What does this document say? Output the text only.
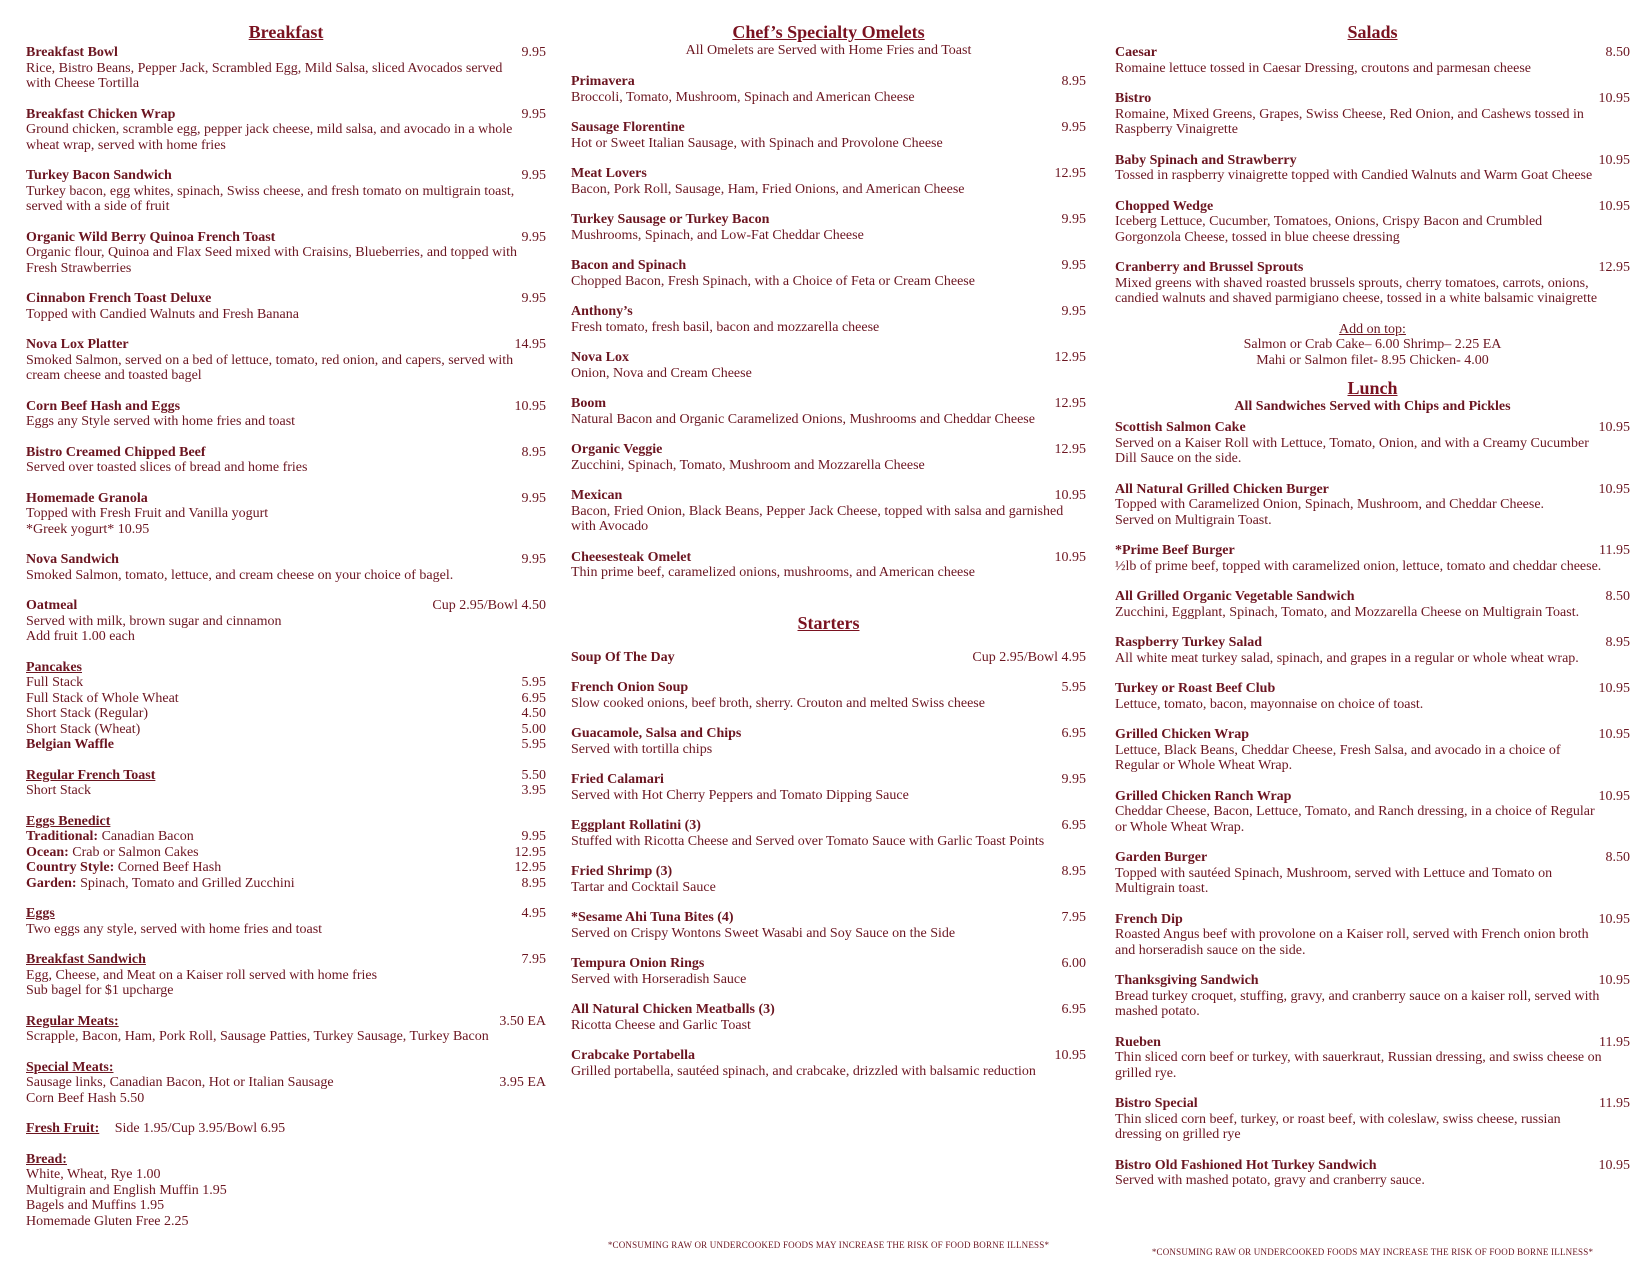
Breakfast
Breakfast Bowl	9.95
Rice, Bistro Beans, Pepper Jack, Scrambled Egg, Mild Salsa, sliced Avocados served
with Cheese Tortilla
Breakfast Chicken Wrap	9.95
Ground chicken, scramble egg, pepper jack cheese, mild salsa, and avocado in a whole
wheat wrap, served with home fries
Turkey Bacon Sandwich	9.95
Turkey bacon, egg whites, spinach, Swiss cheese, and fresh tomato on multigrain toast,
served with a side of fruit
Organic Wild Berry Quinoa French Toast	9.95
Organic flour, Quinoa and Flax Seed mixed with Craisins, Blueberries, and topped with
Fresh Strawberries
Cinnabon French Toast Deluxe	9.95
Topped with Candied Walnuts and Fresh Banana
Nova Lox Platter	14.95
Smoked Salmon, served on a bed of lettuce, tomato, red onion, and capers, served with
cream cheese and toasted bagel
Corn Beef Hash and Eggs	10.95
Eggs any Style served with home fries and toast
Bistro Creamed Chipped Beef	8.95
Served over toasted slices of bread and home fries
Homemade Granola	9.95
Topped with Fresh Fruit and Vanilla yogurt
*Greek yogurt* 10.95
Nova Sandwich	9.95
Smoked Salmon, tomato, lettuce, and cream cheese on your choice of bagel.
Oatmeal	Cup 2.95/Bowl 4.50
Served with milk, brown sugar and cinnamon
Add fruit 1.00 each
Pancakes
Full Stack	5.95
Full Stack of Whole Wheat	6.95
Short Stack (Regular)	4.50
Short Stack (Wheat)	5.00
Belgian Waffle	5.95
Regular French Toast	5.50
Short Stack	3.95
Eggs Benedict
Traditional: Canadian Bacon	9.95
Ocean: Crab or Salmon Cakes	12.95
Country Style: Corned Beef Hash	12.95
Garden: Spinach, Tomato and Grilled Zucchini	8.95
Eggs	4.95
Two eggs any style, served with home fries and toast
Breakfast Sandwich	7.95
Egg, Cheese, and Meat on a Kaiser roll served with home fries
Sub bagel for $1 upcharge
Regular Meats:	3.50 EA
Scrapple, Bacon, Ham, Pork Roll, Sausage Patties, Turkey Sausage, Turkey Bacon
Special Meats:
Sausage links, Canadian Bacon, Hot or Italian Sausage	3.95 EA
Corn Beef Hash 5.50
Fresh Fruit: Side 1.95/Cup 3.95/Bowl 6.95
Bread:
White, Wheat, Rye 1.00
Multigrain and English Muffin 1.95
Bagels and Muffins 1.95
Homemade Gluten Free 2.25
Chef’s Specialty Omelets
All Omelets are Served with Home Fries and Toast
Primavera	8.95
Broccoli, Tomato, Mushroom, Spinach and American Cheese
Sausage Florentine	9.95
Hot or Sweet Italian Sausage, with Spinach and Provolone Cheese
Meat Lovers	12.95
Bacon, Pork Roll, Sausage, Ham, Fried Onions, and American Cheese
Turkey Sausage or Turkey Bacon	9.95
Mushrooms, Spinach, and Low-Fat Cheddar Cheese
Bacon and Spinach	9.95
Chopped Bacon, Fresh Spinach, with a Choice of Feta or Cream Cheese
Anthony’s	9.95
Fresh tomato, fresh basil, bacon and mozzarella cheese
Nova Lox	12.95
Onion, Nova and Cream Cheese
Boom	12.95
Natural Bacon and Organic Caramelized Onions, Mushrooms and Cheddar Cheese
Organic Veggie	12.95
Zucchini, Spinach, Tomato, Mushroom and Mozzarella Cheese
Mexican	10.95
Bacon, Fried Onion, Black Beans, Pepper Jack Cheese, topped with salsa and garnished
with Avocado
Cheesesteak Omelet	10.95
Thin prime beef, caramelized onions, mushrooms, and American cheese
Starters
Soup Of The Day	Cup 2.95/Bowl 4.95
French Onion Soup	5.95
Slow cooked onions, beef broth, sherry. Crouton and melted Swiss cheese
Guacamole, Salsa and Chips	6.95
Served with tortilla chips
Fried Calamari	9.95
Served with Hot Cherry Peppers and Tomato Dipping Sauce
Eggplant Rollatini (3)	6.95
Stuffed with Ricotta Cheese and Served over Tomato Sauce with Garlic Toast Points
Fried Shrimp (3)	8.95
Tartar and Cocktail Sauce
*Sesame Ahi Tuna Bites (4)	7.95
Served on Crispy Wontons Sweet Wasabi and Soy Sauce on the Side
Tempura Onion Rings	6.00
Served with Horseradish Sauce
All Natural Chicken Meatballs (3)	6.95
Ricotta Cheese and Garlic Toast
Crabcake Portabella	10.95
Grilled portabella, sautéed spinach, and crabcake, drizzled with balsamic reduction
*CONSUMING RAW OR UNDERCOOKED FOODS MAY INCREASE THE RISK OF FOOD BORNE ILLNESS*
Salads
Caesar	8.50
Romaine lettuce tossed in Caesar Dressing, croutons and parmesan cheese
Bistro	10.95
Romaine, Mixed Greens, Grapes, Swiss Cheese, Red Onion, and Cashews tossed in
Raspberry Vinaigrette
Baby Spinach and Strawberry	10.95
Tossed in raspberry vinaigrette topped with Candied Walnuts and Warm Goat Cheese
Chopped Wedge	10.95
Iceberg Lettuce, Cucumber, Tomatoes, Onions, Crispy Bacon and Crumbled
Gorgonzola Cheese, tossed in blue cheese dressing
Cranberry and Brussel Sprouts	12.95
Mixed greens with shaved roasted brussels sprouts, cherry tomatoes, carrots, onions,
candied walnuts and shaved parmigiano cheese, tossed in a white balsamic vinaigrette
Add on top:
Salmon or Crab Cake– 6.00 Shrimp– 2.25 EA
Mahi or Salmon filet- 8.95 Chicken- 4.00
Lunch
All Sandwiches Served with Chips and Pickles
Scottish Salmon Cake	10.95
Served on a Kaiser Roll with Lettuce, Tomato, Onion, and with a Creamy Cucumber
Dill Sauce on the side.
All Natural Grilled Chicken Burger	10.95
Topped with Caramelized Onion, Spinach, Mushroom, and Cheddar Cheese.
Served on Multigrain Toast.
*Prime Beef Burger	11.95
½lb of prime beef, topped with caramelized onion, lettuce, tomato and cheddar cheese.
All Grilled Organic Vegetable Sandwich	8.50
Zucchini, Eggplant, Spinach, Tomato, and Mozzarella Cheese on Multigrain Toast.
Raspberry Turkey Salad	8.95
All white meat turkey salad, spinach, and grapes in a regular or whole wheat wrap.
Turkey or Roast Beef Club	10.95
Lettuce, tomato, bacon, mayonnaise on choice of toast.
Grilled Chicken Wrap	10.95
Lettuce, Black Beans, Cheddar Cheese, Fresh Salsa, and avocado in a choice of
Regular or Whole Wheat Wrap.
Grilled Chicken Ranch Wrap	10.95
Cheddar Cheese, Bacon, Lettuce, Tomato, and Ranch dressing, in a choice of Regular
or Whole Wheat Wrap.
Garden Burger	8.50
Topped with sautéed Spinach, Mushroom, served with Lettuce and Tomato on
Multigrain toast.
French Dip	10.95
Roasted Angus beef with provolone on a Kaiser roll, served with French onion broth
and horseradish sauce on the side.
Thanksgiving Sandwich	10.95
Bread turkey croquet, stuffing, gravy, and cranberry sauce on a kaiser roll, served with
mashed potato.
Rueben	11.95
Thin sliced corn beef or turkey, with sauerkraut, Russian dressing, and swiss cheese on
grilled rye.
Bistro Special	11.95
Thin sliced corn beef, turkey, or roast beef, with coleslaw, swiss cheese, russian
dressing on grilled rye
Bistro Old Fashioned Hot Turkey Sandwich	10.95
Served with mashed potato, gravy and cranberry sauce.
*CONSUMING RAW OR UNDERCOOKED FOODS MAY INCREASE THE RISK OF FOOD BORNE ILLNESS*
